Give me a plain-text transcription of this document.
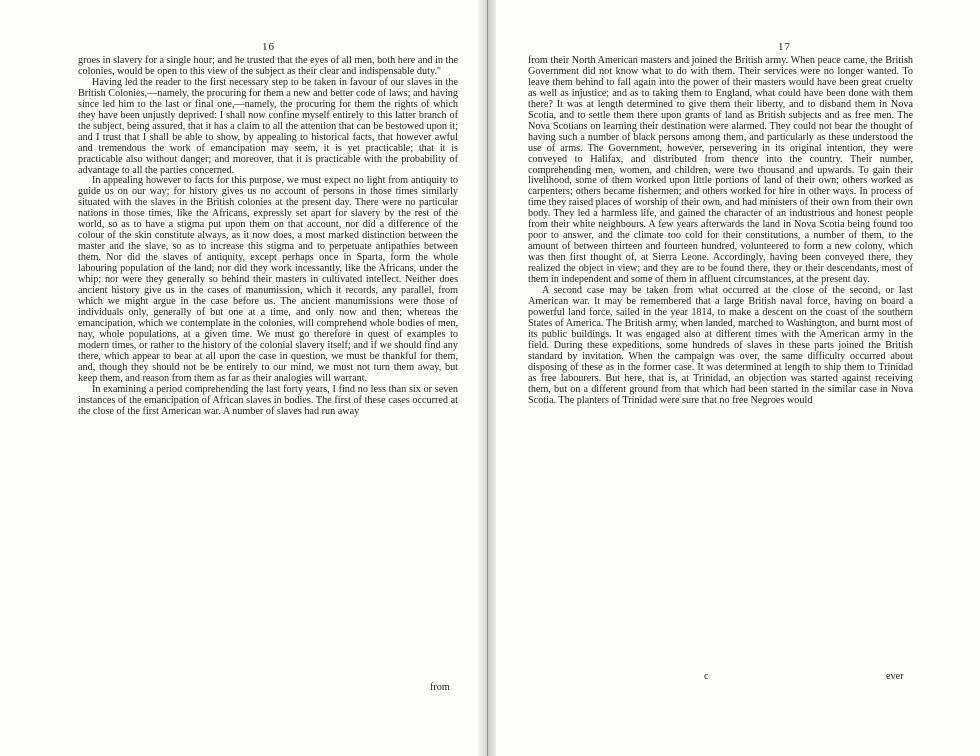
16

groes in slavery for a single hour; and he trusted that the eyes of all men, both here and in the colonies, would be open to this view of the subject as their clear and indispensable duty."

Having led the reader to the first necessary step to be taken in favour of our slaves in the British Colonies,—namely, the procuring for them a new and better code of laws; and having since led him to the last or final one,—namely, the procuring for them the rights of which they have been unjustly deprived: I shall now confine myself entirely to this latter branch of the subject, being assured, that it has a claim to all the attention that can be bestowed upon it; and I trust that I shall be able to show, by appealing to historical facts, that however awful and tremendous the work of emancipation may seem, it is yet practicable; that it is practicable also without danger; and moreover, that it is practicable with the probability of advantage to all the parties concerned.

In appealing however to facts for this purpose, we must expect no light from antiquity to guide us on our way; for history gives us no account of persons in those times similarly situated with the slaves in the British colonies at the present day. There were no particular nations in those times, like the Africans, expressly set apart for slavery by the rest of the world, so as to have a stigma put upon them on that account, nor did a difference of the colour of the skin constitute always, as it now does, a most marked distinction between the master and the slave, so as to increase this stigma and to perpetuate antipathies between them. Nor did the slaves of antiquity, except perhaps once in Sparta, form the whole labouring population of the land; nor did they work incessantly, like the Africans, under the whip; nor were they generally so behind their masters in cultivated intellect. Neither does ancient history give us in the cases of manumission, which it records, any parallel, from which we might argue in the case before us. The ancient manumissions were those of individuals only, generally of but one at a time, and only now and then; whereas the emancipation, which we contemplate in the colonies, will comprehend whole bodies of men, nay, whole populations, at a given time. We must go therefore in quest of examples to modern times, or rather to the history of the colonial slavery itself; and if we should find any there, which appear to bear at all upon the case in question, we must be thankful for them, and, though they should not be be entirely to our mind, we must not turn them away, but keep them, and reason from them as far as their analogies will warrant.

In examining a period comprehending the last forty years, I find no less than six or seven instances of the emancipation of African slaves in bodies. The first of these cases occurred at the close of the first American war. A number of slaves had run away

from
17

from their North American masters and joined the British army. When peace came, the British Government did not know what to do with them. Their services were no longer wanted. To leave them behind to fall again into the power of their masters would have been great cruelty as well as injustice; and as to taking them to England, what could have been done with them there? It was at length determined to give them their liberty, and to disband them in Nova Scotia, and to settle them there upon grants of land as British subjects and as free men. The Nova Scotians on learning their destination were alarmed. They could not bear the thought of having such a number of black persons among them, and particularly as these understood the use of arms. The Government, however, persevering in its original intention, they were conveyed to Halifax, and distributed from thence into the country. Their number, comprehending men, women, and children, were two thousand and upwards. To gain their livelihood, some of them worked upon little portions of land of their own; others worked as carpenters; others became fishermen; and others worked for hire in other ways. In process of time they raised places of worship of their own, and had ministers of their own from their own body. They led a harmless life, and gained the character of an industrious and honest people from their white neighbours. A few years afterwards the land in Nova Scotia being found too poor to answer, and the climate too cold for their constitutions, a number of them, to the amount of between thirteen and fourteen hundred, volunteered to form a new colony, which was then first thought of, at Sierra Leone. Accordingly, having been conveyed there, they realized the object in view; and they are to be found there, they or their descendants, most of them in independent and some of them in affluent circumstances, at the present day.

A second case may be taken from what occurred at the close of the second, or last American war. It may be remembered that a large British naval force, having on board a powerful land force, sailed in the year 1814, to make a descent on the coast of the southern States of America. The British army, when landed, marched to Washington, and burnt most of its public buildings. It was engaged also at different times with the American army in the field. During these expeditions, some hundreds of slaves in these parts joined the British standard by invitation. When the campaign was over, the same difficulty occurred about disposing of these as in the former case. It was determined at length to ship them to Trinidad as free labourers. But here, that is, at Trinidad, an objection was started against receiving them, but on a different ground from that which had been started in the similar case in Nova Scotia. The planters of Trinidad were sure that no free Negroes would

c	ever
